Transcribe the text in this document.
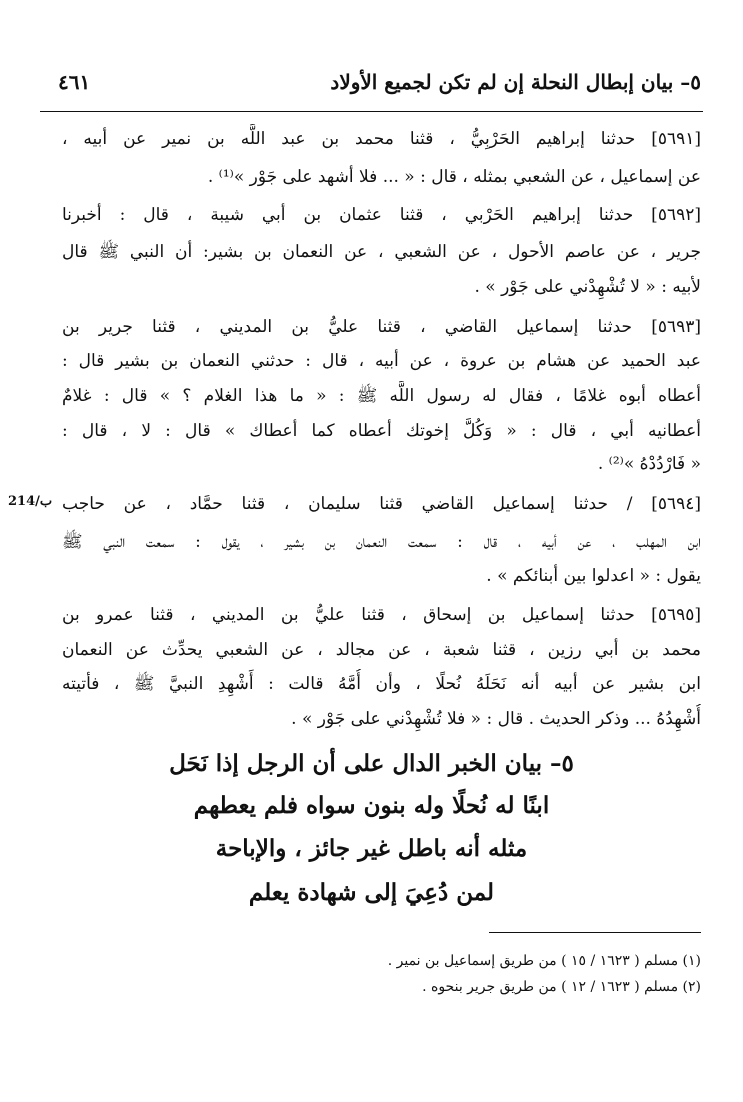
٥– بيان إبطال النحلة إن لم تكن لجميع الأولاد
٤٦١
[٥٦٩١] حدثنا إبراهيم الحَرْبِيُّ ، قثنا محمد بن عبد اللَّه بن نمير عن أبيه ،
عن إسماعيل ، عن الشعبي بمثله ، قال : « ... فلا أشهد على جَوْر »⁽¹⁾ .
[٥٦٩٢] حدثنا إبراهيم الحَرْبي ، قثنا عثمان بن أبي شيبة ، قال : أخبرنا
جرير ، عن عاصم الأحول ، عن الشعبي ، عن النعمان بن بشير: أن النبي ﷺ قال
لأبيه : « لا تُشْهِدْني على جَوْر » .
[٥٦٩٣] حدثنا إسماعيل القاضي ، قثنا عليُّ بن المديني ، قثنا جرير بن
عبد الحميد عن هشام بن عروة ، عن أبيه ، قال : حدثني النعمان بن بشير قال :
أعطاه أبوه غلامًا ، فقال له رسول اللَّه ﷺ : « ما هذا الغلام ؟ » قال : غلامٌ
أعطانيه أبي ، قال : « وَكُلَّ إخوتك أعطاه كما أعطاك » قال : لا ، قال :
« فَارْدُدْهُ »⁽²⁾ .
214/ب [٥٦٩٤] / حدثنا إسماعيل القاضي قثنا سليمان ، قثنا حمَّاد ، عن حاجب
ابن المهلب ، عن أبيه ، قال : سمعت النعمان بن بشير ، يقول : سمعت النبي ﷺ
يقول : « اعدلوا بين أبنائكم » .
[٥٦٩٥] حدثنا إسماعيل بن إسحاق ، قثنا عليُّ بن المديني ، قثنا عمرو بن
محمد بن أبي رزين ، قثنا شعبة ، عن مجالد ، عن الشعبي يحدِّث عن النعمان
ابن بشير عن أبيه أنه نَحَلَهُ نُحلًا ، وأن أُمَّهُ قالت : أَشْهِدِ النبيَّ ﷺ ، فأتيته
أُشْهِدُهُ ... وذكر الحديث . قال : « فلا تُشْهِدْني على جَوْر » .
٥– بيان الخبر الدال على أن الرجل إذا نَحَل
ابنًا له نُحلًا وله بنون سواه فلم يعطهم
مثله أنه باطل غير جائز ، والإباحة
لمن دُعِيَ إلى شهادة يعلم
(١) مسلم ( ١٦٢٣ / ١٥ ) من طريق إسماعيل بن نمير .
(٢) مسلم ( ١٦٢٣ / ١٢ ) من طريق جرير بنحوه .
